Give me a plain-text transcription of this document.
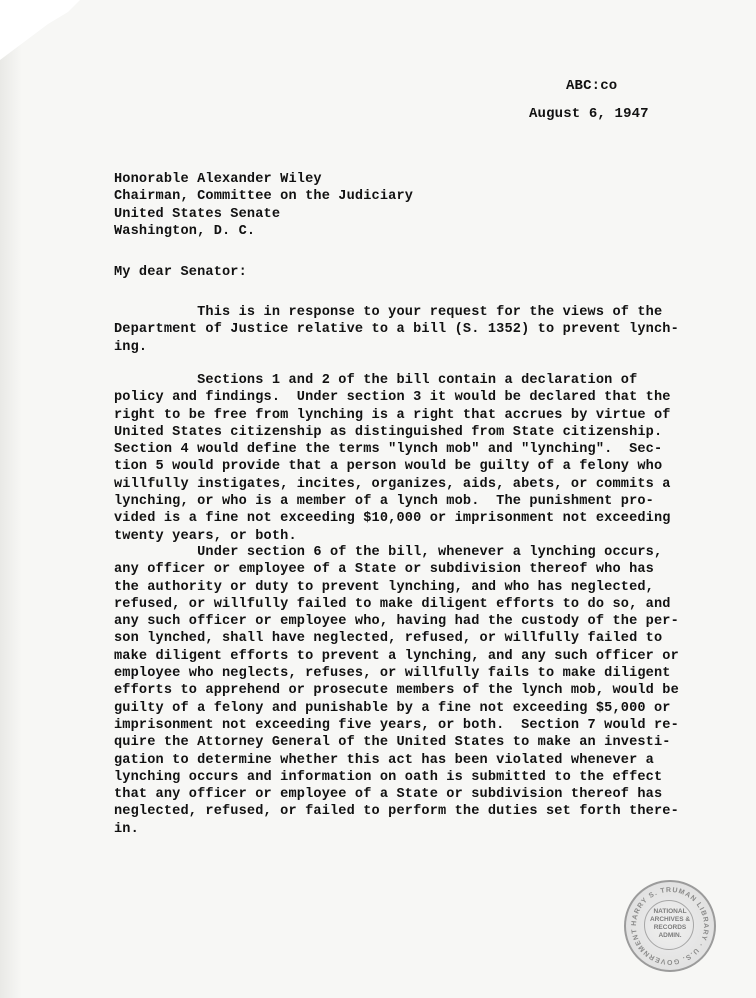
ABC:co
August 6, 1947
Honorable Alexander Wiley
Chairman, Committee on the Judiciary
United States Senate
Washington, D. C.
My dear Senator:
This is in response to your request for the views of the
Department of Justice relative to a bill (S. 1352) to prevent lynch-
ing.
Sections 1 and 2 of the bill contain a declaration of
policy and findings.  Under section 3 it would be declared that the
right to be free from lynching is a right that accrues by virtue of
United States citizenship as distinguished from State citizenship.
Section 4 would define the terms "lynch mob" and "lynching".  Sec-
tion 5 would provide that a person would be guilty of a felony who
willfully instigates, incites, organizes, aids, abets, or commits a
lynching, or who is a member of a lynch mob.  The punishment pro-
vided is a fine not exceeding $10,000 or imprisonment not exceeding
twenty years, or both.
Under section 6 of the bill, whenever a lynching occurs,
any officer or employee of a State or subdivision thereof who has
the authority or duty to prevent lynching, and who has neglected,
refused, or willfully failed to make diligent efforts to do so, and
any such officer or employee who, having had the custody of the per-
son lynched, shall have neglected, refused, or willfully failed to
make diligent efforts to prevent a lynching, and any such officer or
employee who neglects, refuses, or willfully fails to make diligent
efforts to apprehend or prosecute members of the lynch mob, would be
guilty of a felony and punishable by a fine not exceeding $5,000 or
imprisonment not exceeding five years, or both.  Section 7 would re-
quire the Attorney General of the United States to make an investi-
gation to determine whether this act has been violated whenever a
lynching occurs and information on oath is submitted to the effect
that any officer or employee of a State or subdivision thereof has
neglected, refused, or failed to perform the duties set forth there-
in.
HARRY S. TRUMAN LIBRARY · U.S. GOVERNMENT
NATIONAL
ARCHIVES &
RECORDS
ADMIN.
